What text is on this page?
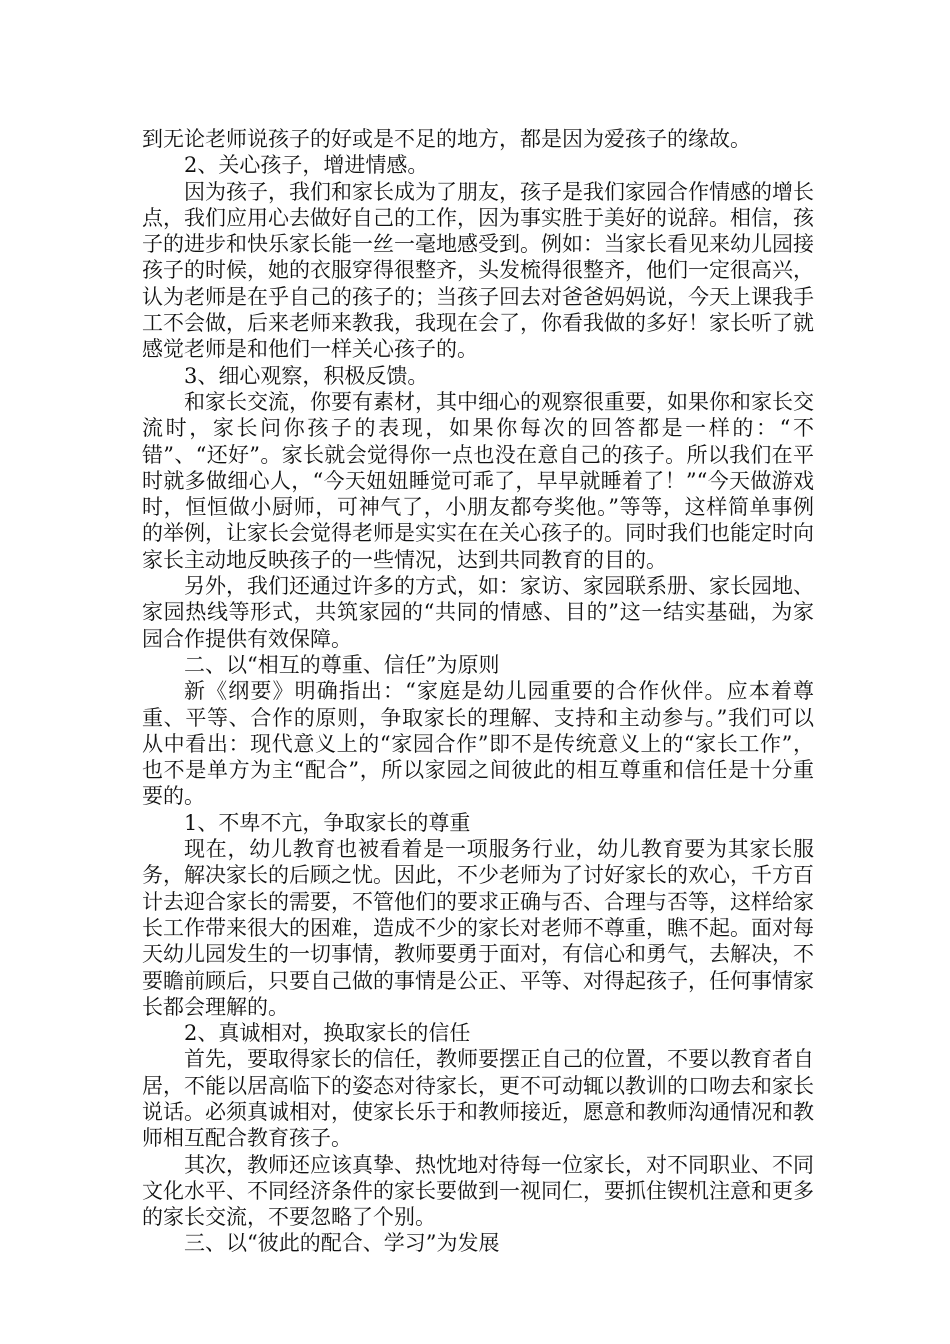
到无论老师说孩子的好或是不足的地方，都是因为爱孩子的缘故。

2、关心孩子，增进情感。

因为孩子，我们和家长成为了朋友，孩子是我们家园合作情感的增长点，我们应用心去做好自己的工作，因为事实胜于美好的说辞。相信，孩子的进步和快乐家长能一丝一毫地感受到。例如：当家长看见来幼儿园接孩子的时候，她的衣服穿得很整齐，头发梳得很整齐，他们一定很高兴，认为老师是在乎自己的孩子的；当孩子回去对爸爸妈妈说，今天上课我手工不会做，后来老师来教我，我现在会了，你看我做的多好！家长听了就感觉老师是和他们一样关心孩子的。

3、细心观察，积极反馈。

和家长交流，你要有素材，其中细心的观察很重要，如果你和家长交流时，家长问你孩子的表现，如果你每次的回答都是一样的：“不错”、“还好”。家长就会觉得你一点也没在意自己的孩子。所以我们在平时就多做细心人，“今天妞妞睡觉可乖了，早早就睡着了！”“今天做游戏时，恒恒做小厨师，可神气了，小朋友都夸奖他。”等等，这样简单事例的举例，让家长会觉得老师是实实在在关心孩子的。同时我们也能定时向家长主动地反映孩子的一些情况，达到共同教育的目的。

另外，我们还通过许多的方式，如：家访、家园联系册、家长园地、家园热线等形式，共筑家园的“共同的情感、目的”这一结实基础，为家园合作提供有效保障。

二、以“相互的尊重、信任”为原则

新《纲要》明确指出：“家庭是幼儿园重要的合作伙伴。应本着尊重、平等、合作的原则，争取家长的理解、支持和主动参与。”我们可以从中看出：现代意义上的“家园合作”即不是传统意义上的“家长工作”，也不是单方为主“配合”，所以家园之间彼此的相互尊重和信任是十分重要的。

1、不卑不亢，争取家长的尊重

现在，幼儿教育也被看着是一项服务行业，幼儿教育要为其家长服务，解决家长的后顾之忧。因此，不少老师为了讨好家长的欢心，千方百计去迎合家长的需要，不管他们的要求正确与否、合理与否等，这样给家长工作带来很大的困难，造成不少的家长对老师不尊重，瞧不起。面对每天幼儿园发生的一切事情，教师要勇于面对，有信心和勇气，去解决，不要瞻前顾后，只要自己做的事情是公正、平等、对得起孩子，任何事情家长都会理解的。

2、真诚相对，换取家长的信任

首先，要取得家长的信任，教师要摆正自己的位置，不要以教育者自居，不能以居高临下的姿态对待家长，更不可动辄以教训的口吻去和家长说话。必须真诚相对，使家长乐于和教师接近，愿意和教师沟通情况和教师相互配合教育孩子。

其次，教师还应该真挚、热忱地对待每一位家长，对不同职业、不同文化水平、不同经济条件的家长要做到一视同仁，要抓住锲机注意和更多的家长交流，不要忽略了个别。

三、以“彼此的配合、学习”为发展
